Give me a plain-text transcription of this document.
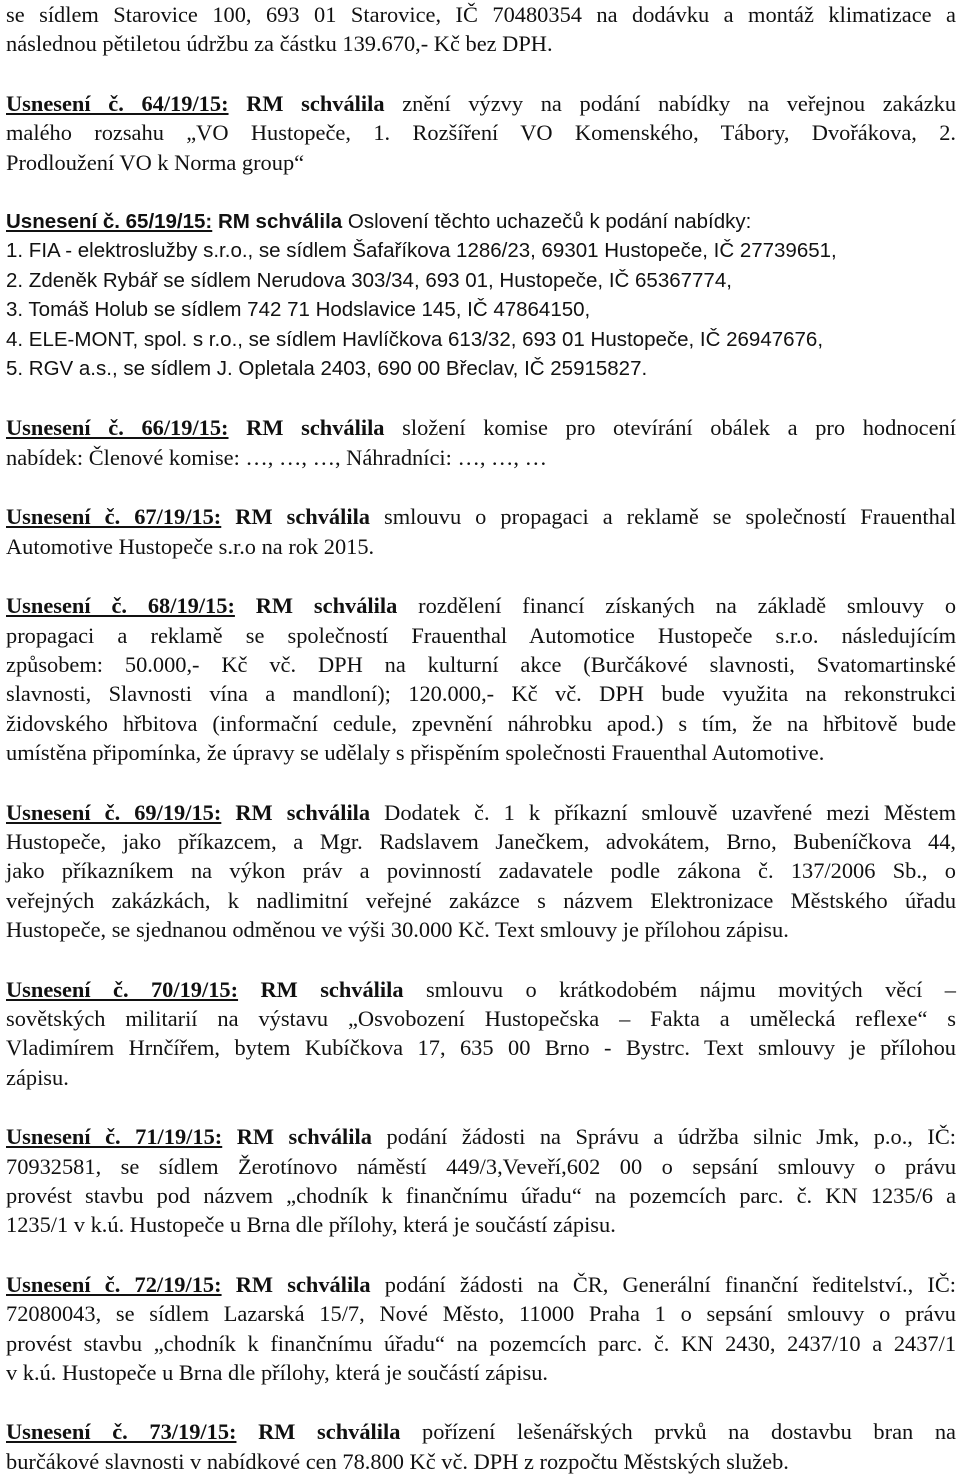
se sídlem Starovice 100, 693 01 Starovice, IČ 70480354 na dodávku a montáž klimatizace a
následnou pětiletou údržbu za částku 139.670,- Kč bez DPH.

Usnesení č. 64/19/15: RM schválila znění výzvy na podání nabídky na veřejnou zakázku
malého rozsahu „VO Hustopeče, 1. Rozšíření VO Komenského, Tábory, Dvořákova, 2.
Prodloužení VO k Norma group“

Usnesení č. 65/19/15: RM schválila Oslovení těchto uchazečů k podání nabídky:
1. FIA - elektroslužby s.r.o., se sídlem Šafaříkova 1286/23, 69301 Hustopeče, IČ 27739651,
2. Zdeněk Rybář se sídlem Nerudova 303/34, 693 01, Hustopeče, IČ 65367774,
3. Tomáš Holub se sídlem 742 71 Hodslavice 145, IČ 47864150,
4. ELE-MONT, spol. s r.o., se sídlem Havlíčkova 613/32, 693 01 Hustopeče, IČ 26947676,
5. RGV a.s., se sídlem J. Opletala 2403, 690 00 Břeclav, IČ 25915827.

Usnesení č. 66/19/15: RM schválila složení komise pro otevírání obálek a pro hodnocení
nabídek: Členové komise: …, …, …, Náhradníci: …, …, …

Usnesení č. 67/19/15: RM schválila smlouvu o propagaci a reklamě se společností Frauenthal
Automotive Hustopeče s.r.o na rok 2015.

Usnesení č. 68/19/15: RM schválila rozdělení financí získaných na základě smlouvy o
propagaci a reklamě se společností Frauenthal Automotice Hustopeče s.r.o. následujícím
způsobem: 50.000,- Kč vč. DPH na kulturní akce (Burčákové slavnosti, Svatomartinské
slavnosti, Slavnosti vína a mandloní); 120.000,- Kč vč. DPH bude využita na rekonstrukci
židovského hřbitova (informační cedule, zpevnění náhrobku apod.) s tím, že na hřbitově bude
umístěna připomínka, že úpravy se udělaly s přispěním společnosti Frauenthal Automotive.

Usnesení č. 69/19/15: RM schválila Dodatek č. 1 k příkazní smlouvě uzavřené mezi Městem
Hustopeče, jako příkazcem, a Mgr. Radslavem Janečkem, advokátem, Brno, Bubeníčkova 44,
jako příkazníkem na výkon práv a povinností zadavatele podle zákona č. 137/2006 Sb., o
veřejných zakázkách, k nadlimitní veřejné zakázce s názvem Elektronizace Městského úřadu
Hustopeče, se sjednanou odměnou ve výši 30.000 Kč. Text smlouvy je přílohou zápisu.

Usnesení č. 70/19/15: RM schválila smlouvu o krátkodobém nájmu movitých věcí –
sovětských militarií na výstavu „Osvobození Hustopečska – Fakta a umělecká reflexe“ s
Vladimírem Hrnčířem, bytem Kubíčkova 17, 635 00 Brno - Bystrc. Text smlouvy je přílohou
zápisu.

Usnesení č. 71/19/15: RM schválila podání žádosti na Správu a údržba silnic Jmk, p.o., IČ:
70932581, se sídlem Žerotínovo náměstí 449/3,Veveří,602 00 o sepsání smlouvy o právu
provést stavbu pod názvem „chodník k finančnímu úřadu“ na pozemcích parc. č. KN 1235/6 a
1235/1 v k.ú. Hustopeče u Brna dle přílohy, která je součástí zápisu.

Usnesení č. 72/19/15: RM schválila podání žádosti na ČR, Generální finanční ředitelství., IČ:
72080043, se sídlem Lazarská 15/7, Nové Město, 11000 Praha 1 o sepsání smlouvy o právu
provést stavbu „chodník k finančnímu úřadu“ na pozemcích parc. č. KN 2430, 2437/10 a 2437/1
v k.ú. Hustopeče u Brna dle přílohy, která je součástí zápisu.

Usnesení č. 73/19/15: RM schválila pořízení lešenářských prvků na dostavbu bran na
burčákové slavnosti v nabídkové cen 78.800 Kč vč. DPH z rozpočtu Městských služeb.
